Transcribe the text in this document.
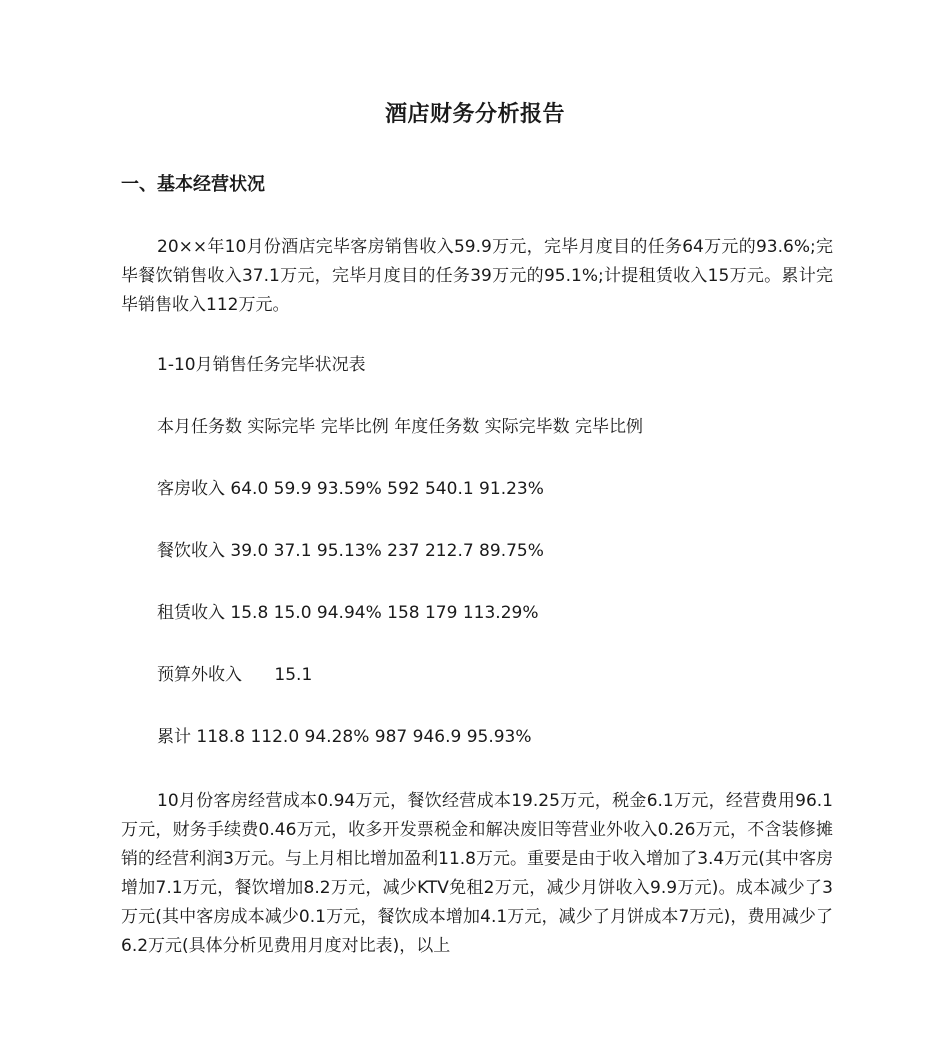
酒店财务分析报告
一、基本经营状况

20××年10月份酒店完毕客房销售收入59.9万元，完毕月度目的任务64万元的93.6%;完毕餐饮销售收入37.1万元，完毕月度目的任务39万元的95.1%;计提租赁收入15万元。累计完毕销售收入112万元。

1-10月销售任务完毕状况表
本月任务数 实际完毕 完毕比例 年度任务数 实际完毕数 完毕比例
客房收入 64.0 59.9 93.59% 592 540.1 91.23%
餐饮收入 39.0 37.1 95.13% 237 212.7 89.75%
租赁收入 15.8 15.0 94.94% 158 179 113.29%
预算外收入      15.1
累计 118.8 112.0 94.28% 987 946.9 95.93%

10月份客房经营成本0.94万元，餐饮经营成本19.25万元，税金6.1万元，经营费用96.1万元，财务手续费0.46万元，收多开发票税金和解决废旧等营业外收入0.26万元，不含装修摊销的经营利润3万元。与上月相比增加盈利11.8万元。重要是由于收入增加了3.4万元(其中客房增加7.1万元，餐饮增加8.2万元，减少KTV免租2万元，减少月饼收入9.9万元)。成本减少了3万元(其中客房成本减少0.1万元，餐饮成本增加4.1万元，减少了月饼成本7万元)，费用减少了6.2万元(具体分析见费用月度对比表)，以上
